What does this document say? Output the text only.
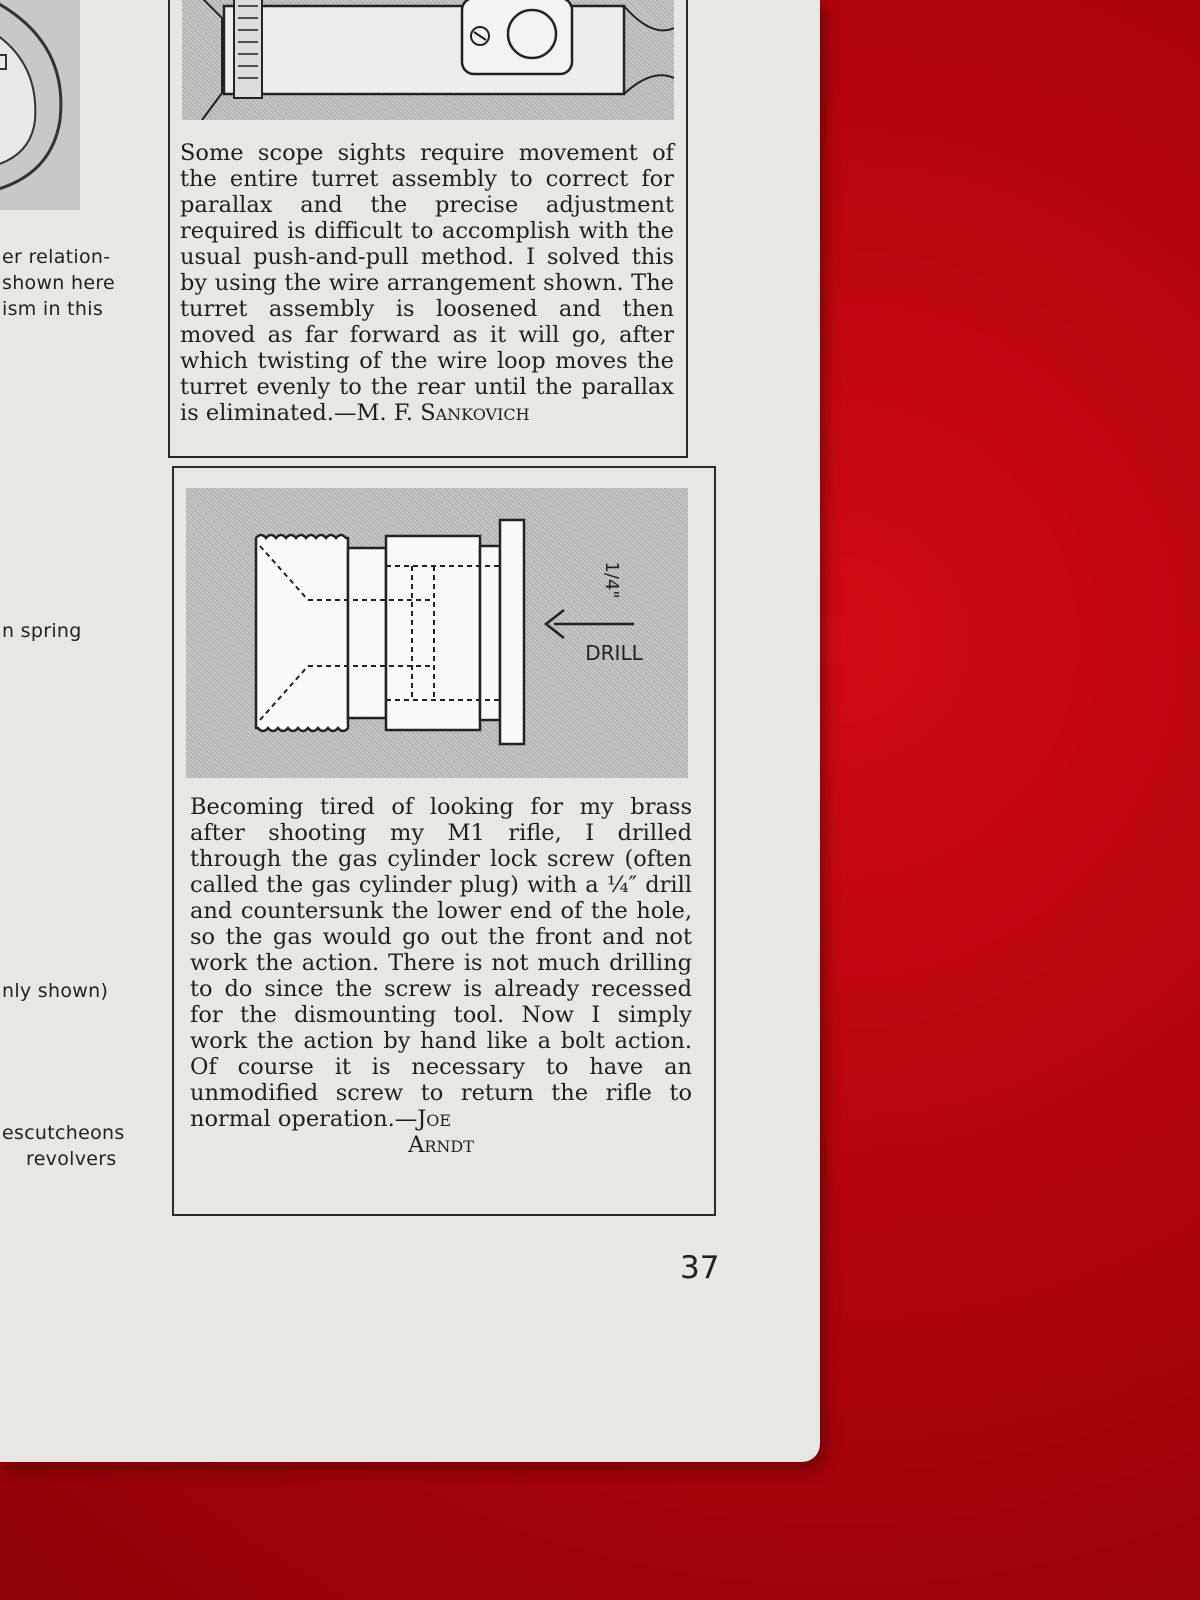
er relation-
shown here
ism in this
n spring
nly shown)
escutcheons
revolvers
Some scope sights require movement of the entire turret assembly to correct for parallax and the precise adjustment required is difficult to accomplish with the usual push-and-pull method. I solved this by using the wire arrangement shown. The turret assembly is loosened and then moved as far forward as it will go, after which twisting of the wire loop moves the turret evenly to the rear until the parallax is eliminated.—M. F. Sankovich
1/4"
DRILL
Becoming tired of looking for my brass after shooting my M1 rifle, I drilled through the gas cylinder lock screw (often called the gas cylinder plug) with a ¼″ drill and countersunk the lower end of the hole, so the gas would go out the front and not work the action. There is not much drilling to do since the screw is already recessed for the dismounting tool. Now I simply work the action by hand like a bolt action. Of course it is necessary to have an unmodified screw to return the rifle to normal operation.—Joe
Arndt
37
